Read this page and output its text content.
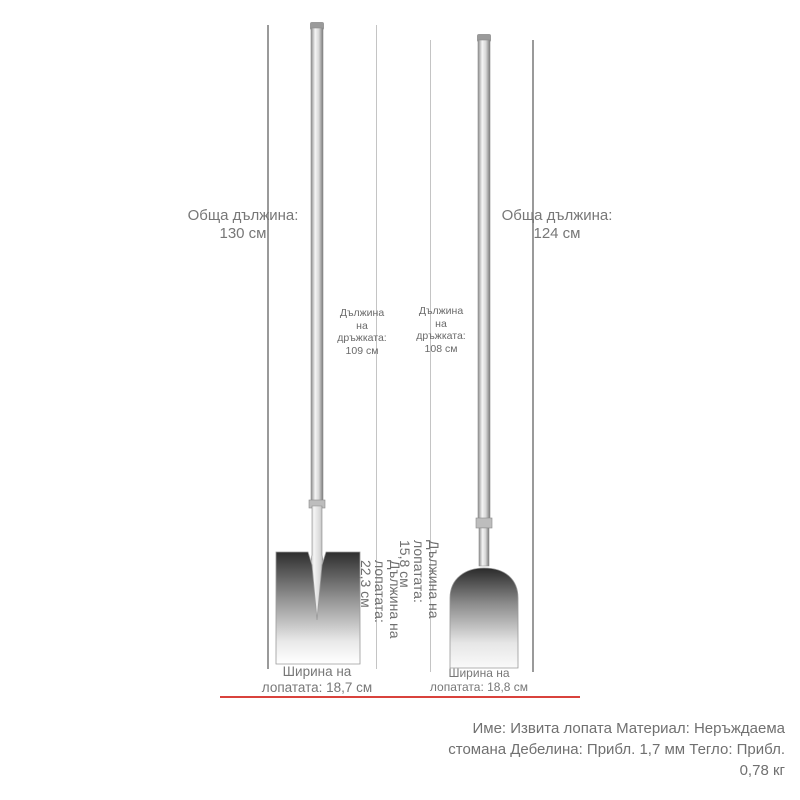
Обща дължина:
130 см
Дължина
на
дръжката:
109 см
Дължина на
лопатата:
22,3 см
Ширина на
лопатата: 18,7 см
Обща дължина:
124 см
Дължина
на
дръжката:
108 см
Дължина на
лопатата:
15,8 см
Ширина на
лопатата: 18,8 см
Име: Извита лопата Материал: Неръждаема стомана Дебелина: Прибл. 1,7 мм Тегло: Прибл. 0,78 кг
